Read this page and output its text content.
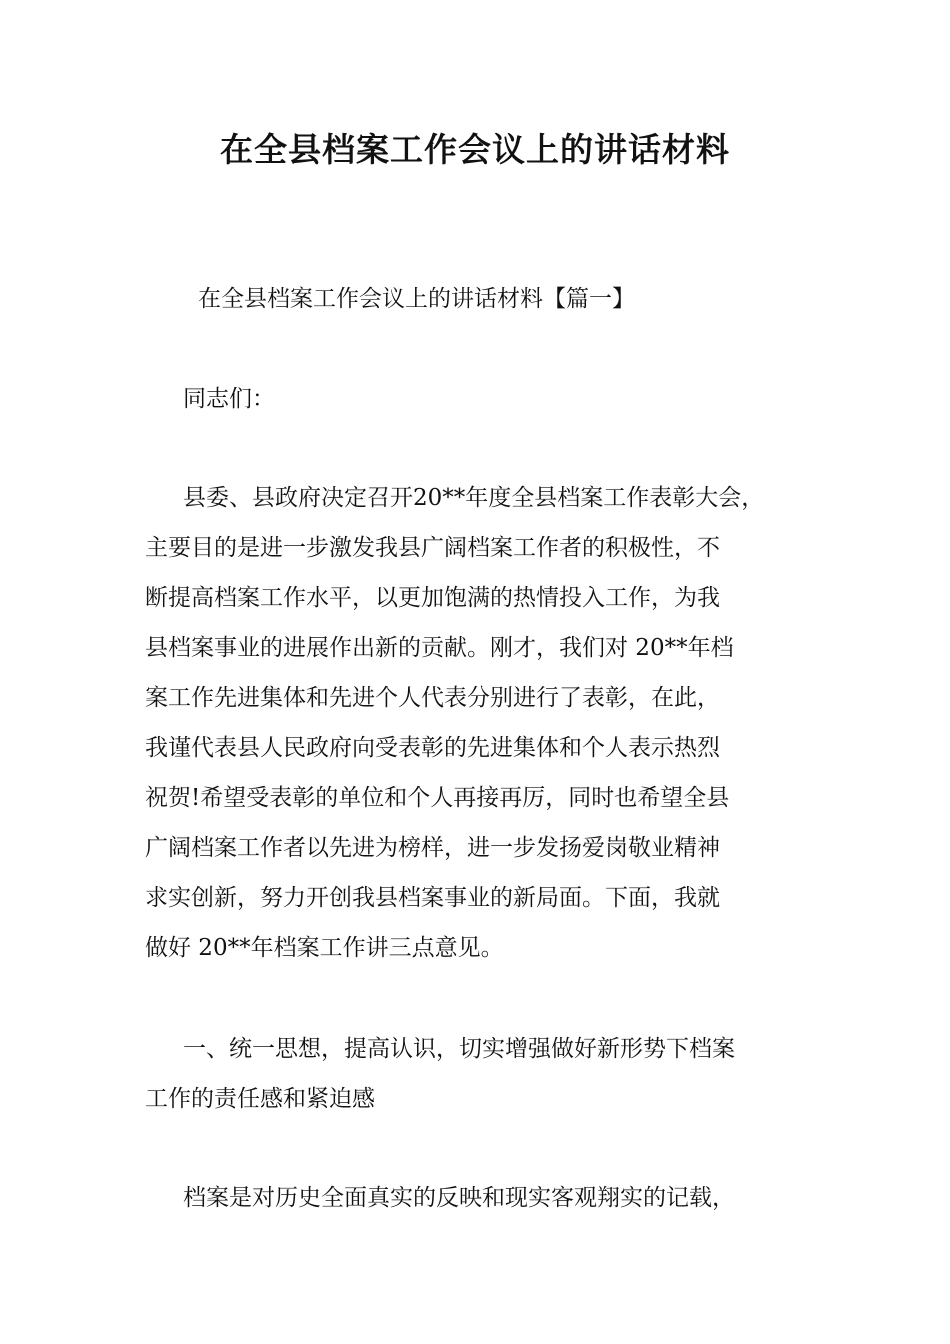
在全县档案工作会议上的讲话材料
在全县档案工作会议上的讲话材料【篇一】
同志们：
县委、县政府决定召开20**年度全县档案工作表彰大会，
主要目的是进一步激发我县广阔档案工作者的积极性，不
断提高档案工作水平，以更加饱满的热情投入工作，为我
县档案事业的进展作出新的贡献。刚才，我们对 20**年档
案工作先进集体和先进个人代表分别进行了表彰，在此，
我谨代表县人民政府向受表彰的先进集体和个人表示热烈
祝贺!希望受表彰的单位和个人再接再厉，同时也希望全县
广阔档案工作者以先进为榜样，进一步发扬爱岗敬业精神
求实创新，努力开创我县档案事业的新局面。下面，我就
做好 20**年档案工作讲三点意见。
一、统一思想，提高认识，切实增强做好新形势下档案
工作的责任感和紧迫感
档案是对历史全面真实的反映和现实客观翔实的记载，
